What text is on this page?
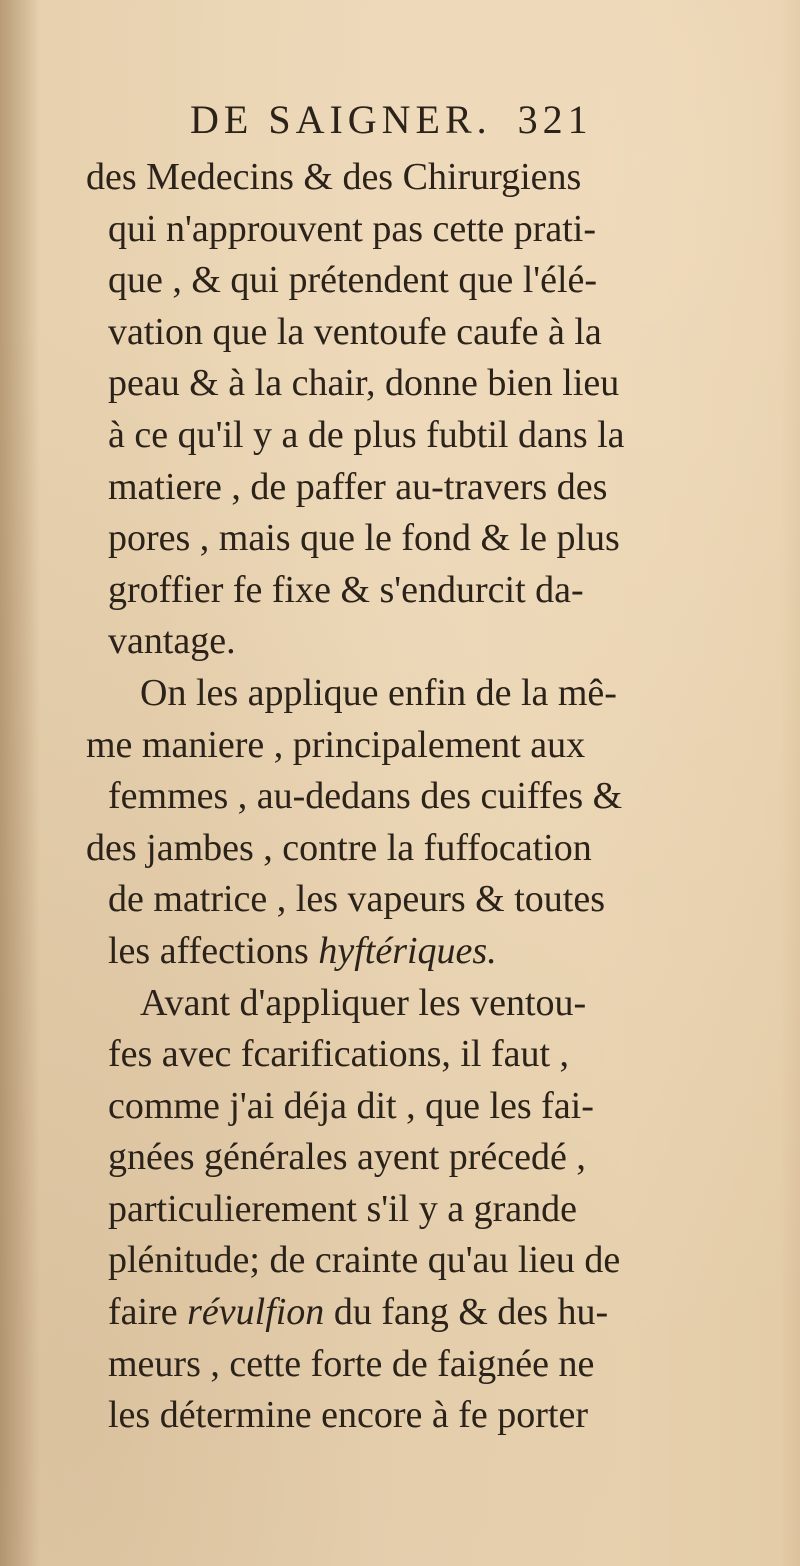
DE SAIGNER. 321
des Medecins & des Chirurgiens
qui n'approuvent pas cette prati-
que , & qui prétendent que l'élé-
vation que la ventoufe caufe à la
peau & à la chair, donne bien lieu
à ce qu'il y a de plus fubtil dans la
matiere , de paffer au-travers des
pores , mais que le fond & le plus
groffier fe fixe & s'endurcit da-
vantage.
On les applique enfin de la mê-
me maniere , principalement aux
femmes , au-dedans des cuiffes &
des jambes , contre la fuffocation
de matrice , les vapeurs & toutes
les affections hyftériques.
Avant d'appliquer les ventou-
fes avec fcarifications, il faut ,
comme j'ai déja dit , que les fai-
gnées générales ayent précedé ,
particulierement s'il y a grande
plénitude; de crainte qu'au lieu de
faire révulfion du fang & des hu-
meurs , cette forte de faignée ne
les détermine encore à fe porter
